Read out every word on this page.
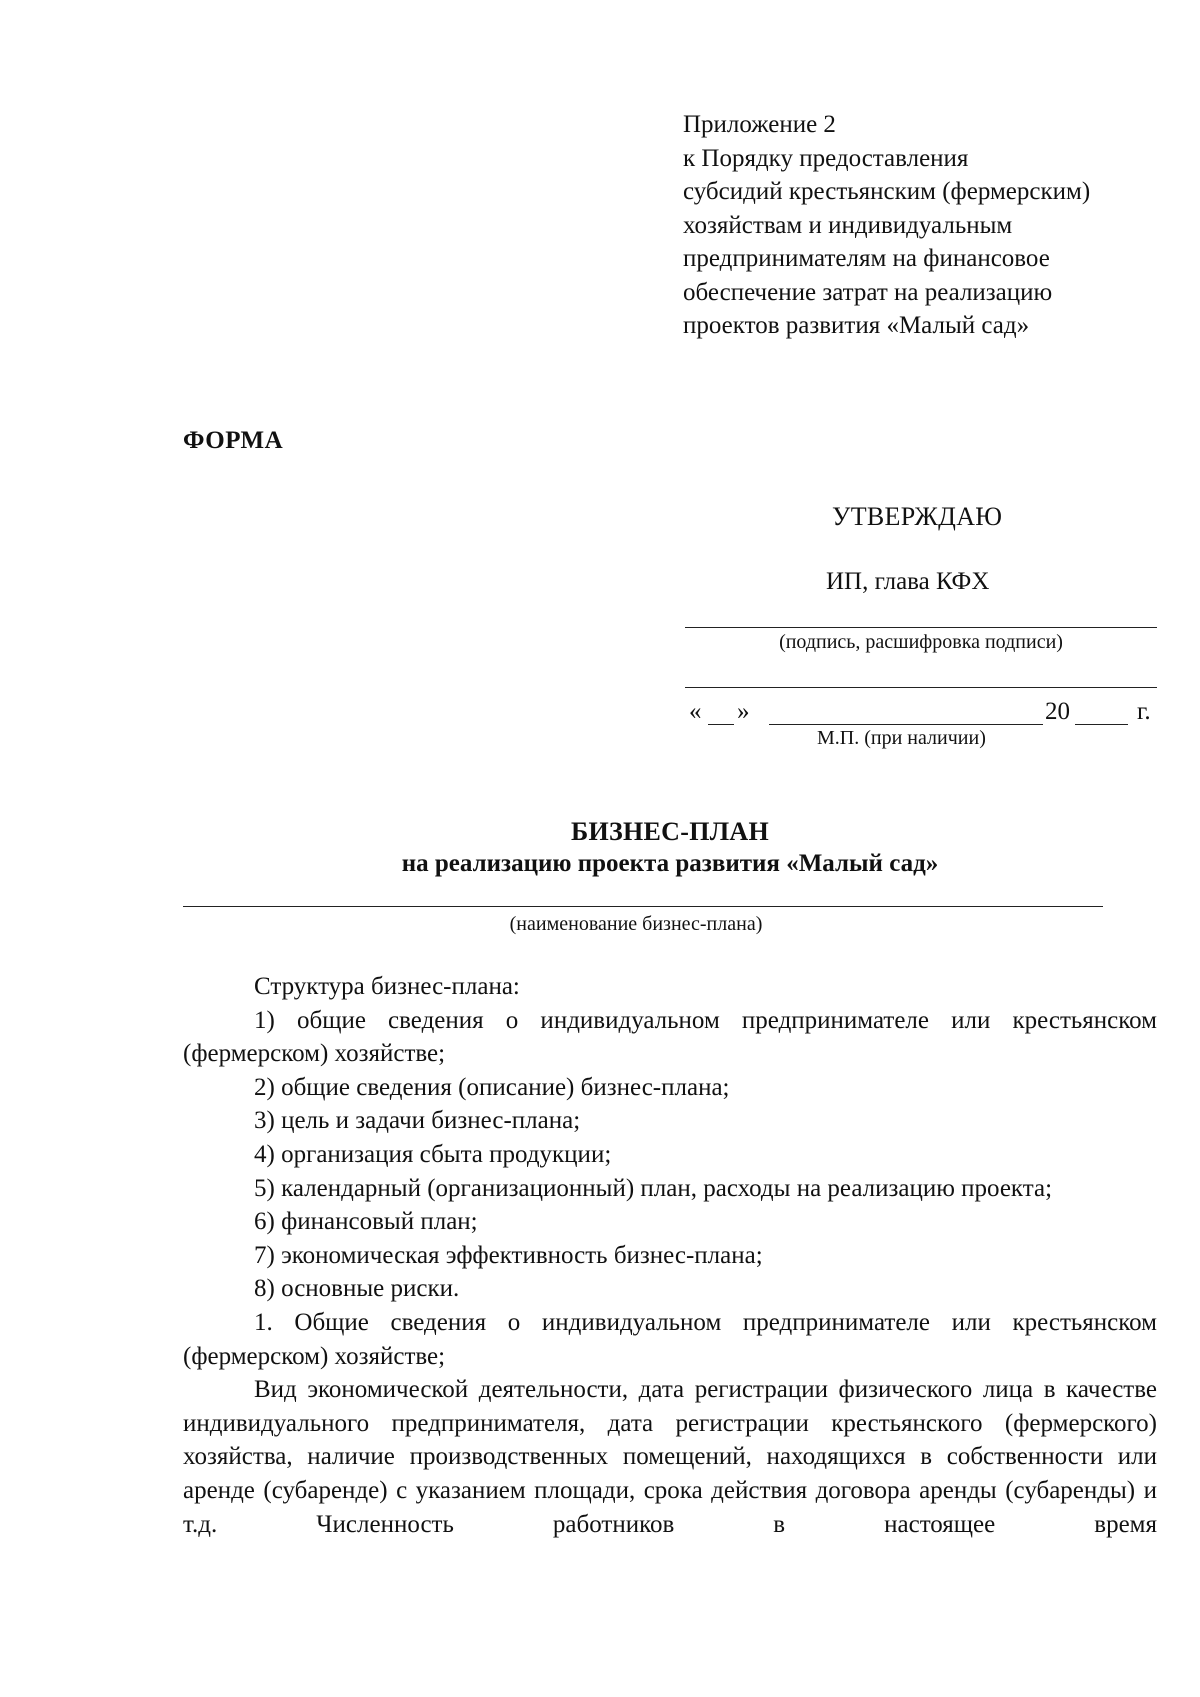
Приложение 2
к Порядку предоставления
субсидий крестьянским (фермерским)
хозяйствам и индивидуальным
предпринимателям на финансовое
обеспечение затрат на реализацию
проектов развития «Малый сад»
ФОРМА
УТВЕРЖДАЮ
ИП, глава КФХ
(подпись, расшифровка подписи)
« »	20	г.
М.П. (при наличии)
БИЗНЕС-ПЛАН
на реализацию проекта развития «Малый сад»
(наименование бизнес-плана)

Структура бизнес-плана:

1) общие сведения о индивидуальном предпринимателе или крестьянском (фермерском) хозяйстве;

2) общие сведения (описание) бизнес-плана;

3) цель и задачи бизнес-плана;

4) организация сбыта продукции;

5) календарный (организационный) план, расходы на реализацию проекта;

6) финансовый план;

7) экономическая эффективность бизнес-плана;

8) основные риски.

1. Общие сведения о индивидуальном предпринимателе или крестьянском (фермерском) хозяйстве;

Вид экономической деятельности, дата регистрации физического лица в качестве индивидуального предпринимателя, дата регистрации крестьянского (фермерского) хозяйства, наличие производственных помещений, находящихся в собственности или аренде (субаренде) с указанием площади, срока действия договора аренды (субаренды) и т.д. Численность работников в настоящее время
